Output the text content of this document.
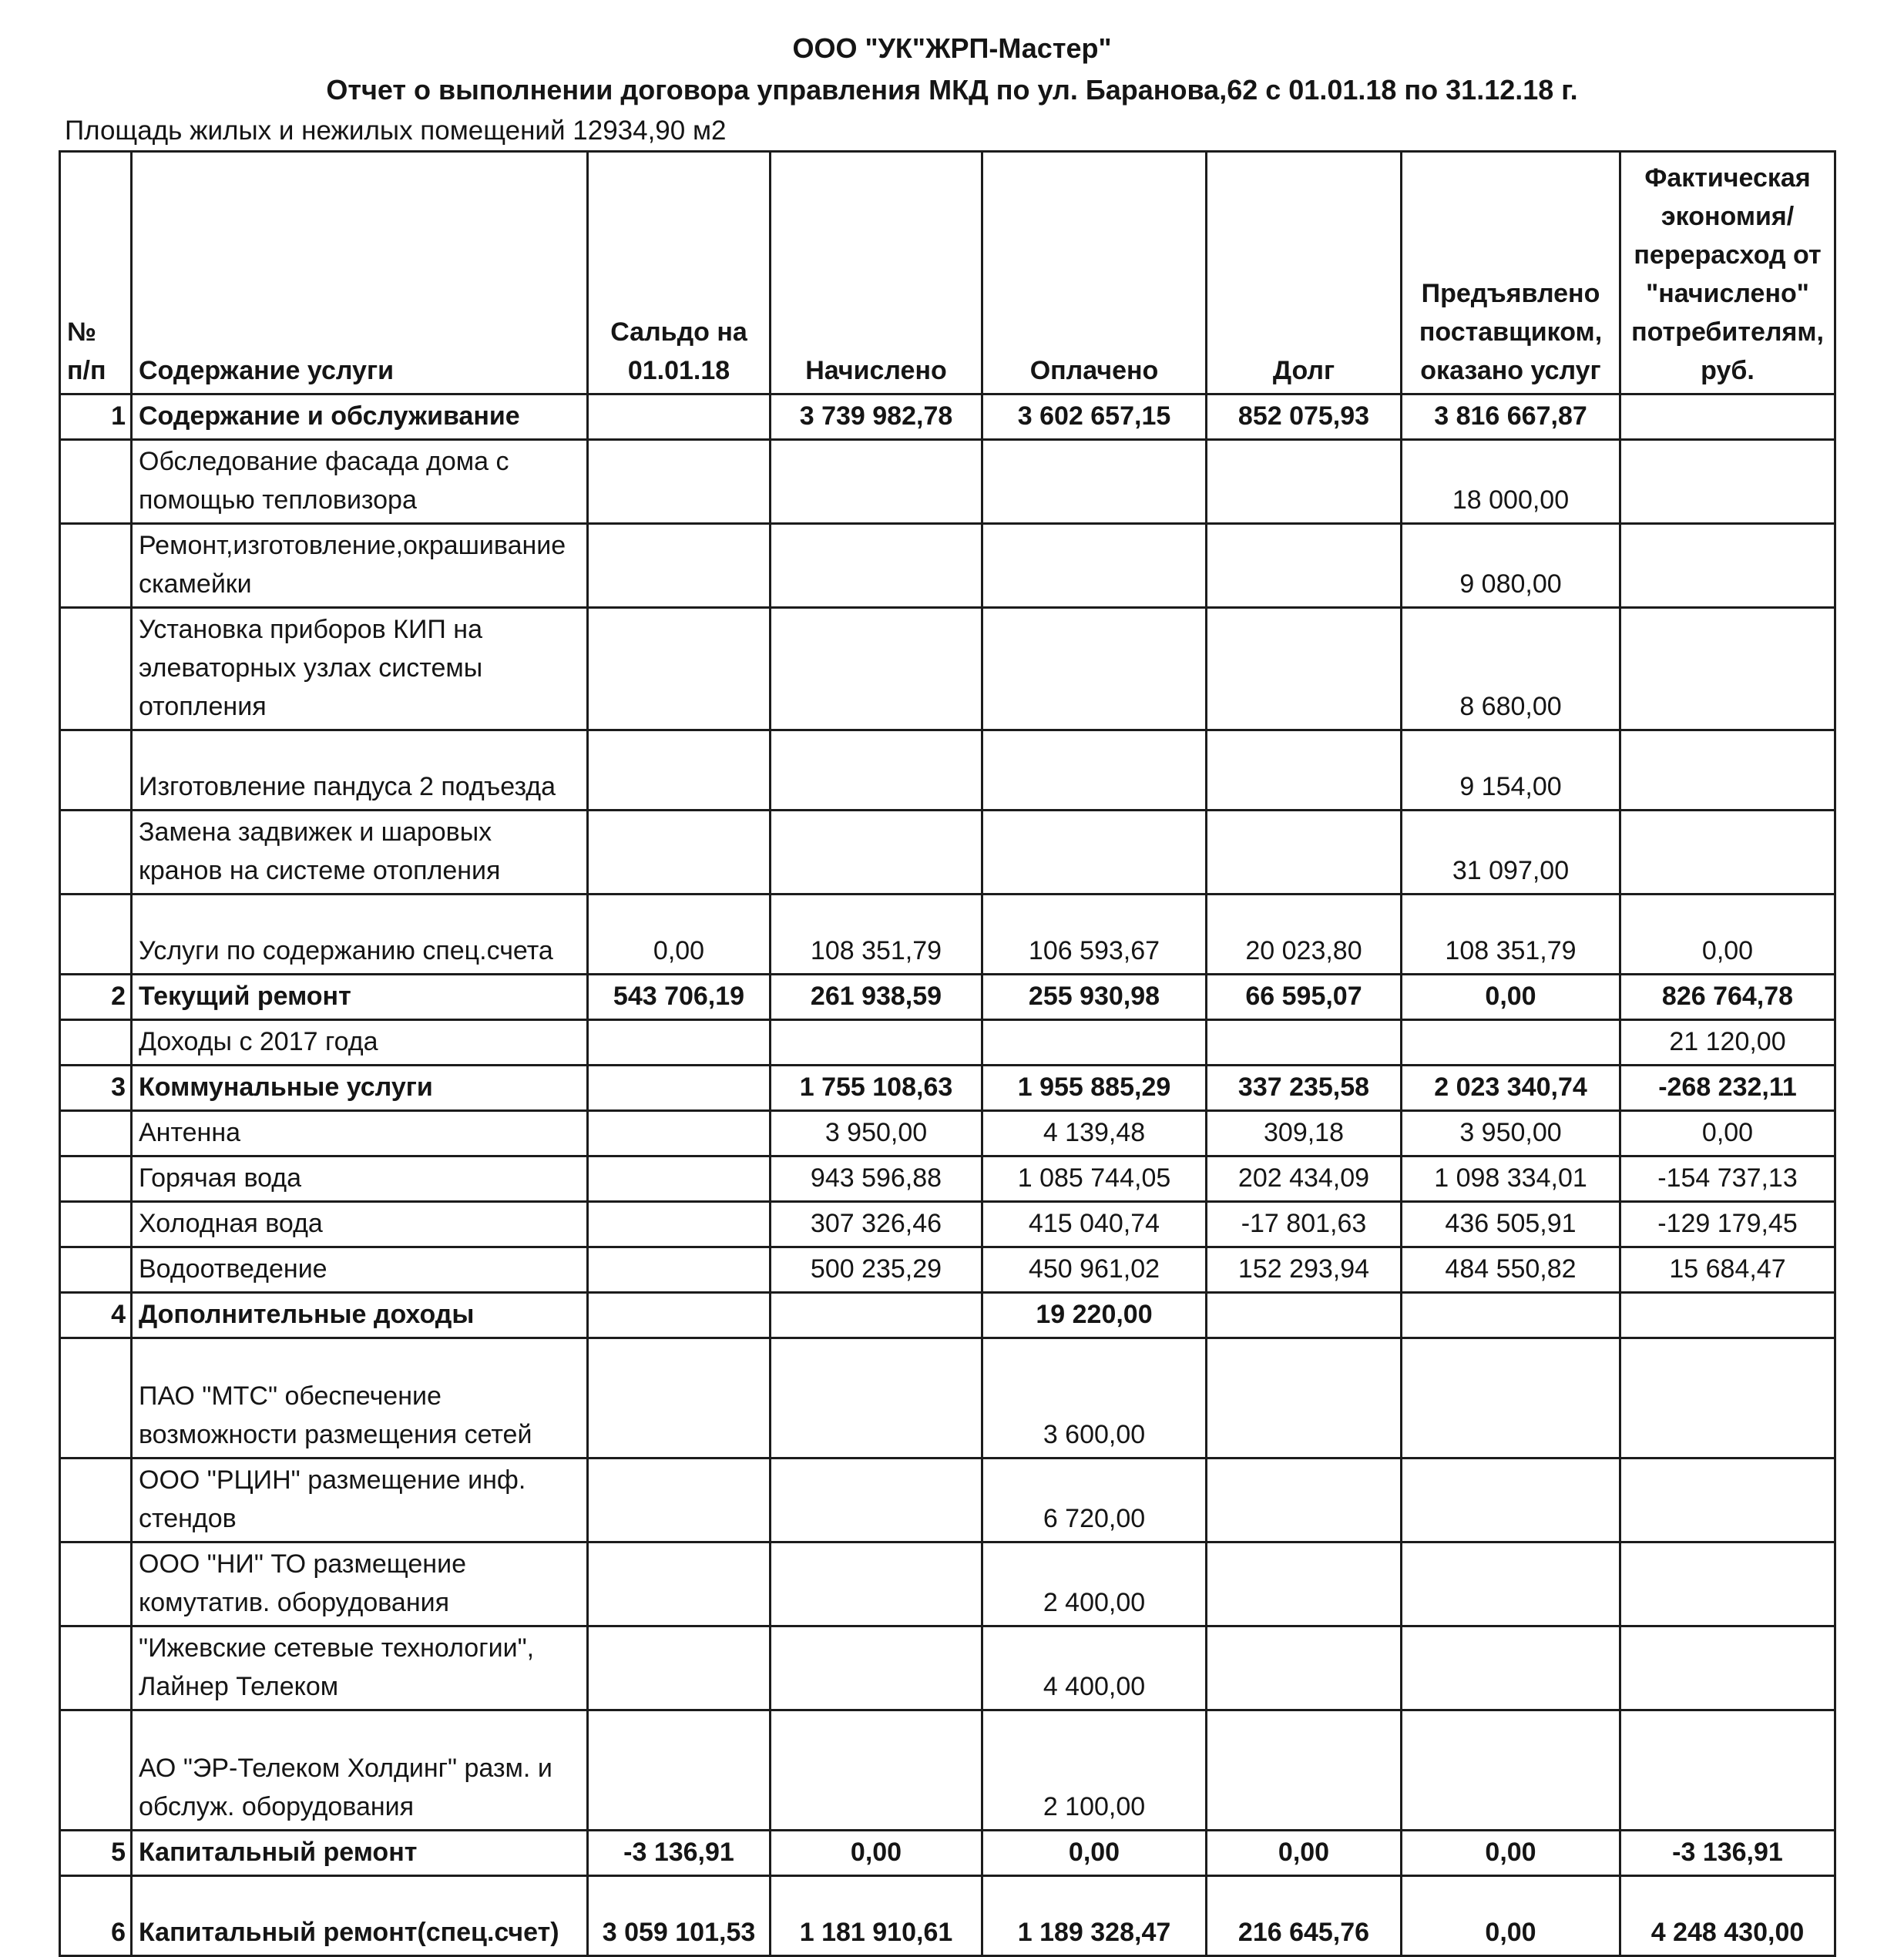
ООО "УК"ЖРП-Мастер"
Отчет о выполнении договора управления МКД по ул. Баранова,62 с 01.01.18 по 31.12.18 г.
Площадь жилых и нежилых помещений 12934,90 м2
№ п/п	Содержание услуги	Сальдо на 01.01.18	Начислено	Оплачено	Долг	Предъявлено поставщиком, оказано услуг	Фактическая экономия/перерасход от "начислено" потребителям, руб.
1	Содержание и обслуживание		3 739 982,78	3 602 657,15	852 075,93	3 816 667,87	
	Обследование фасада дома с помощью тепловизора					18 000,00	
	Ремонт,изготовление,окрашивание скамейки					9 080,00	
	Установка приборов КИП на элеваторных узлах системы отопления					8 680,00	
	Изготовление пандуса 2 подъезда					9 154,00	
	Замена задвижек и шаровых кранов на системе отопления					31 097,00	
	Услуги по содержанию спец.счета	0,00	108 351,79	106 593,67	20 023,80	108 351,79	0,00
2	Текущий ремонт	543 706,19	261 938,59	255 930,98	66 595,07	0,00	826 764,78
	Доходы с 2017 года						21 120,00
3	Коммунальные услуги		1 755 108,63	1 955 885,29	337 235,58	2 023 340,74	-268 232,11
	Антенна		3 950,00	4 139,48	309,18	3 950,00	0,00
	Горячая вода		943 596,88	1 085 744,05	202 434,09	1 098 334,01	-154 737,13
	Холодная вода		307 326,46	415 040,74	-17 801,63	436 505,91	-129 179,45
	Водоотведение		500 235,29	450 961,02	152 293,94	484 550,82	15 684,47
4	Дополнительные доходы			19 220,00			
	ПАО "МТС" обеспечение возможности размещения сетей			3 600,00			
	ООО "РЦИН" размещение инф. стендов			6 720,00			
	ООО "НИ" ТО размещение комутатив. оборудования			2 400,00			
	"Ижевские сетевые технологии", Лайнер Телеком			4 400,00			
	АО "ЭР-Телеком Холдинг" разм. и обслуж. оборудования			2 100,00			
5	Капитальный ремонт	-3 136,91	0,00	0,00	0,00	0,00	-3 136,91
6	Капитальный ремонт(спец.счет)	3 059 101,53	1 181 910,61	1 189 328,47	216 645,76	0,00	4 248 430,00
